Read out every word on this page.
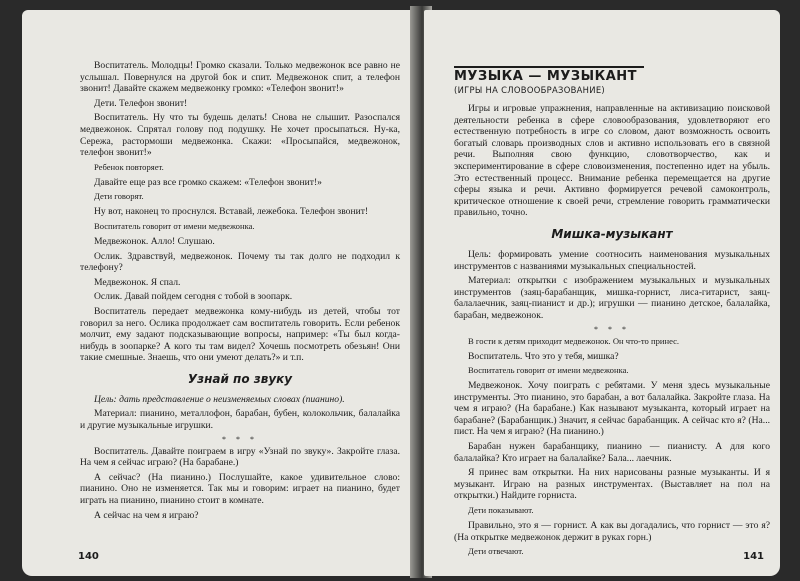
Воспитатель. Молодцы! Громко сказали. Только медвежонок все равно не услышал. Повернулся на другой бок и спит. Медвежонок спит, а телефон звонит! Давайте скажем медвежонку громко: «Телефон звонит!»

Дети. Телефон звонит!

Воспитатель. Ну что ты будешь делать! Снова не слышит. Разоспался медвежонок. Спрятал голову под подушку. Не хочет просыпаться. Ну-ка, Сережа, растормоши медвежонка. Скажи: «Просыпайся, медвежонок, телефон звонит!»

Ребенок повторяет.

Давайте еще раз все громко скажем: «Телефон звонит!»

Дети говорят.

Ну вот, наконец то проснулся. Вставай, лежебока. Телефон звонит!

Воспитатель говорит от имени медвежонка.

Медвежонок. Алло! Слушаю.

Ослик. Здравствуй, медвежонок. Почему ты так долго не подходил к телефону?

Медвежонок. Я спал.

Ослик. Давай пойдем сегодня с тобой в зоопарк.

Воспитатель передает медвежонка кому-нибудь из детей, чтобы тот говорил за него. Ослика продолжает сам воспитатель говорить. Если ребенок молчит, ему задают подсказывающие вопросы, например: «Ты был когда-нибудь в зоопарке? А кого ты там видел? Хочешь посмотреть обезьян! Они такие смешные. Знаешь, что они умеют делать?» и т.п.

Узнай по звуку

Цель: дать представление о неизменяемых словах (пианино).

Материал: пианино, металлофон, барабан, бубен, колокольчик, балалайка и другие музыкальные игрушки.

* * *

Воспитатель. Давайте поиграем в игру «Узнай по звуку». Закройте глаза. На чем я сейчас играю? (На барабане.)

А сейчас? (На пианино.) Послушайте, какое удивительное слово: пианино. Оно не изменяется. Так мы и говорим: играет на пианино, будет играть на пианино, пианино стоит в комнате.

А сейчас на чем я играю?

140
МУЗЫКА — МУЗЫКАНТ
(ИГРЫ НА СЛОВООБРАЗОВАНИЕ)

Игры и игровые упражнения, направленные на активизацию поисковой деятельности ребенка в сфере словообразования, удовлетворяют его естественную потребность в игре со словом, дают возможность освоить богатый словарь производных слов и активно использовать его в связной речи. Выполняя свою функцию, словотворчество, как и экспериментирование в сфере словоизменения, постепенно идет на убыль. Это естественный процесс. Внимание ребенка перемещается на другие сферы языка и речи. Активно формируется речевой самоконтроль, критическое отношение к своей речи, стремление говорить грамматически правильно, точно.

Мишка-музыкант

Цель: формировать умение соотносить наименования музыкальных инструментов с названиями музыкальных специальностей.

Материал: открытки с изображением музыкальных и музыкальных инструментов (заяц-барабанщик, мишка-горнист, лиса-гитарист, заяц-балалаечник, заяц-пианист и др.); игрушки — пианино детское, балалайка, барабан, медвежонок.

* * *

В гости к детям приходит медвежонок. Он что-то принес.

Воспитатель. Что это у тебя, мишка?

Воспитатель говорит от имени медвежонка.

Медвежонок. Хочу поиграть с ребятами. У меня здесь музыкальные инструменты. Это пианино, это барабан, а вот балалайка. Закройте глаза. На чем я играю? (На барабане.) Как называют музыканта, который играет на барабане? (Барабанщик.) Значит, я сейчас барабанщик. А сейчас кто я? (На... пист. На чем я играю? (На пианино.)

Барабан нужен барабанщику, пианино — пианисту. А для кого балалайка? Кто играет на балалайке? Бала... лаечник.

Я принес вам открытки. На них нарисованы разные музыканты. И я музыкант. Играю на разных инструментах. (Выставляет на пол на открытки.) Найдите горниста.

Дети показывают.

Правильно, это я — горнист. А как вы догадались, что горнист — это я? (На открытке медвежонок держит в руках горн.)

Дети отвечают.	141
